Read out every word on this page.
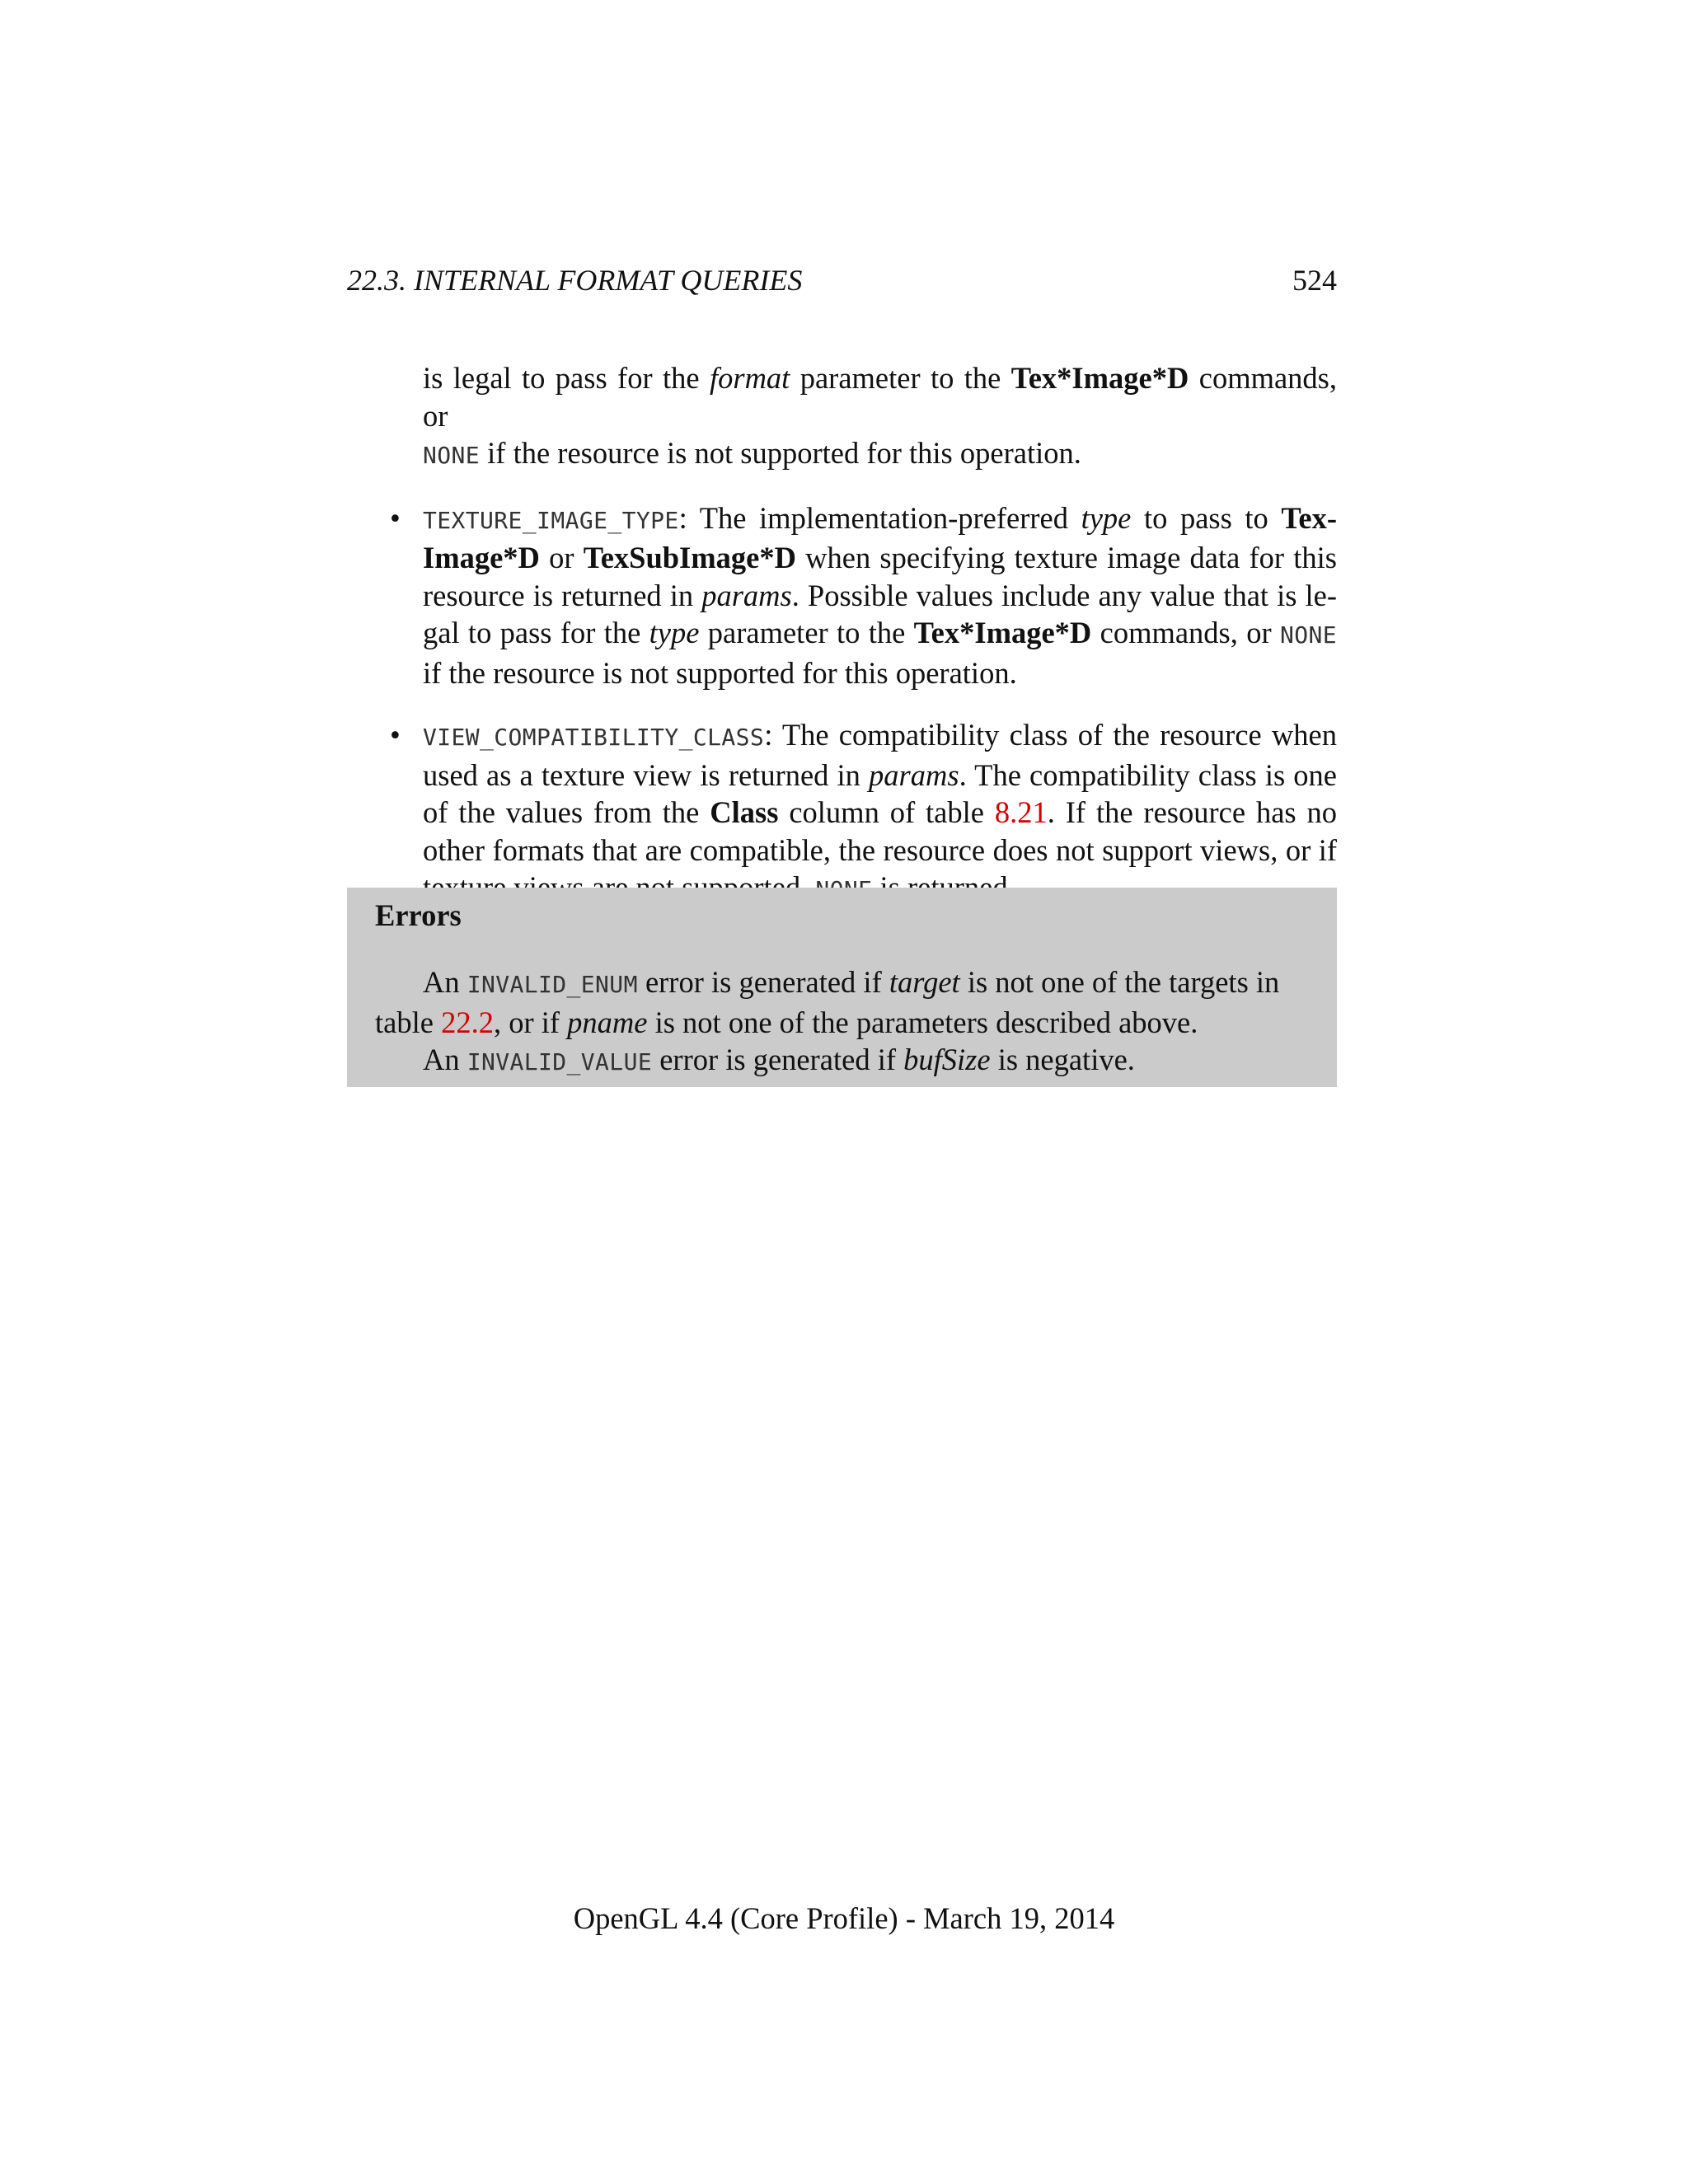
22.3. INTERNAL FORMAT QUERIES	524

is legal to pass for the format parameter to the Tex*Image*D commands, or
NONE if the resource is not supported for this operation.

• TEXTURE_IMAGE_TYPE: The implementation-preferred type to pass to Tex-Image*D or TexSubImage*D when specifying texture image data for this resource is returned in params. Possible values include any value that is le-gal to pass for the type parameter to the Tex*Image*D commands, or NONE if the resource is not supported for this operation.
• VIEW_COMPATIBILITY_CLASS: The compatibility class of the resource when used as a texture view is returned in params. The compatibility class is one of the values from the Class column of table 8.21. If the resource has no other formats that are compatible, the resource does not support views, or if
Errors

An INVALID_ENUM error is generated if target is not one of the targets in table 22.2, or if pname is not one of the parameters described above.

An INVALID_VALUE error is generated if bufSize is negative.

OpenGL 4.4 (Core Profile) - March 19, 2014
